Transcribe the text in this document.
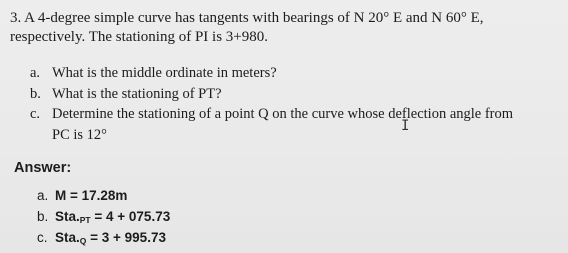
3. A 4-degree simple curve has tangents with bearings of N 20° E and N 60° E,
respectively. The stationing of PI is 3+980.
a. What is the middle ordinate in meters?
b. What is the stationing of PT?
c. Determine the stationing of a point Q on the curve whose deflection angle from
PC is 12°
I
Answer:
a. M = 17.28m
b. $Sta._{PT} = 4 + 075.73$
c. $Sta._Q = 3 + 995.73$
